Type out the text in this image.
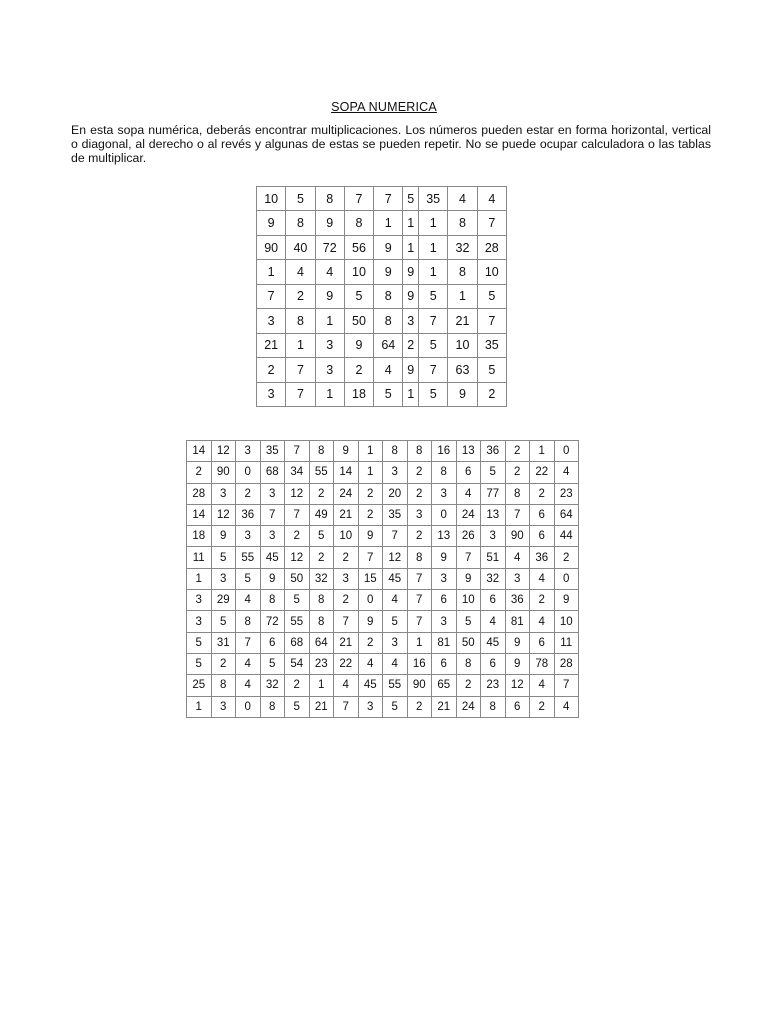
SOPA NUMERICA
En esta sopa numérica, deberás encontrar multiplicaciones. Los números pueden estar en forma horizontal, vertical o diagonal, al derecho o al revés y algunas de estas se pueden repetir. No se puede ocupar calculadora o las tablas de multiplicar.
10	5	8	7	7	5	35	4	4
9	8	9	8	1	1	1	8	7
90	40	72	56	9	1	1	32	28
1	4	4	10	9	9	1	8	10
7	2	9	5	8	9	5	1	5
3	8	1	50	8	3	7	21	7
21	1	3	9	64	2	5	10	35
2	7	3	2	4	9	7	63	5
3	7	1	18	5	1	5	9	2
14	12	3	35	7	8	9	1	8	8	16	13	36	2	1	0
2	90	0	68	34	55	14	1	3	2	8	6	5	2	22	4
28	3	2	3	12	2	24	2	20	2	3	4	77	8	2	23
14	12	36	7	7	49	21	2	35	3	0	24	13	7	6	64
18	9	3	3	2	5	10	9	7	2	13	26	3	90	6	44
11	5	55	45	12	2	2	7	12	8	9	7	51	4	36	2
1	3	5	9	50	32	3	15	45	7	3	9	32	3	4	0
3	29	4	8	5	8	2	0	4	7	6	10	6	36	2	9
3	5	8	72	55	8	7	9	5	7	3	5	4	81	4	10
5	31	7	6	68	64	21	2	3	1	81	50	45	9	6	11
5	2	4	5	54	23	22	4	4	16	6	8	6	9	78	28
25	8	4	32	2	1	4	45	55	90	65	2	23	12	4	7
1	3	0	8	5	21	7	3	5	2	21	24	8	6	2	4
